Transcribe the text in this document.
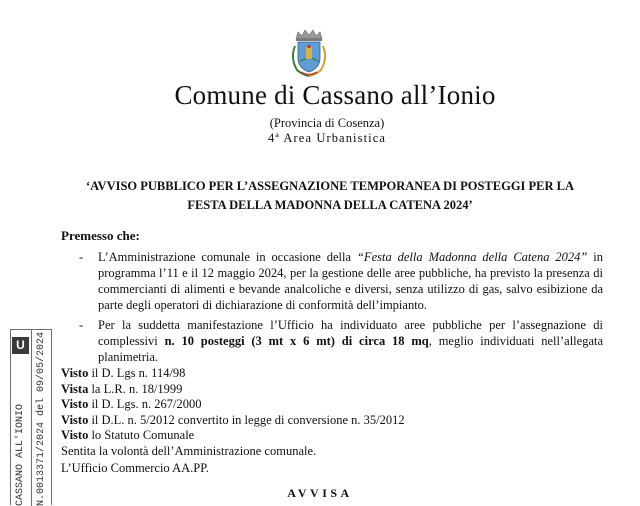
Comune di Cassano all’Ionio
(Provincia di Cosenza)
4ª Area Urbanistica
‘AVVISO PUBBLICO PER L’ASSEGNAZIONE TEMPORANEA DI POSTEGGI PER LA
FESTA DELLA MADONNA DELLA CATENA 2024’
Premesso che:
- L’Amministrazione comunale in occasione della “Festa della Madonna della Catena 2024” in programma l’11 e il 12 maggio 2024, per la gestione delle aree pubbliche, ha previsto la presenza di commercianti di alimenti e bevande analcoliche e diversi, senza utilizzo di gas, salvo esibizione da parte degli operatori di dichiarazione di conformità dell’impianto.
- Per la suddetta manifestazione l’Ufficio ha individuato aree pubbliche per l’assegnazione di complessivi n. 10 posteggi (3 mt x 6 mt) di circa 18 mq, meglio individuati nell’allegata planimetria.
Visto il D. Lgs n. 114/98
Vista la L.R. n. 18/1999
Visto il D. Lgs. n. 267/2000
Visto il D.L. n. 5/2012 convertito in legge di conversione n. 35/2012
Visto lo Statuto Comunale
Sentita la volontà dell’Amministrazione comunale.
L’Ufficio Commercio AA.PP.
AVVISA
U
CASSANO ALL'IONIO N.0013371/2024 del 09/05/2024
